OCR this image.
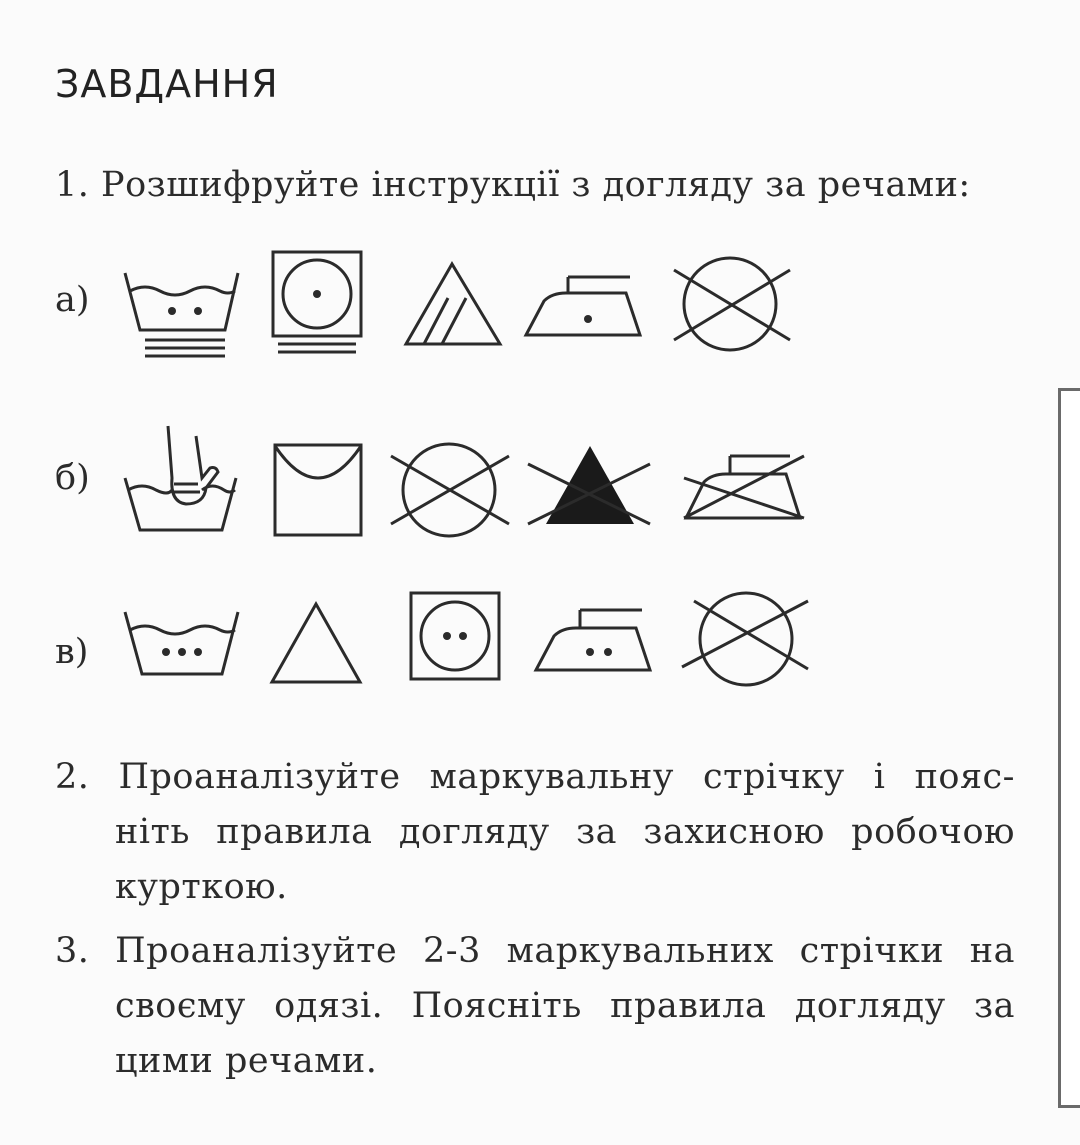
ЗАВДАННЯ
1. Розшифруйте інструкції з догляду за речами:
а)
б)
в)
2. Проаналізуйте маркувальну стрічку і пояс-
ніть правила догляду за захисною робочою
курткою.
3. Проаналізуйте 2-3 маркувальних стрічки на
своєму одязі. Поясніть правила догляду за
цими речами.
